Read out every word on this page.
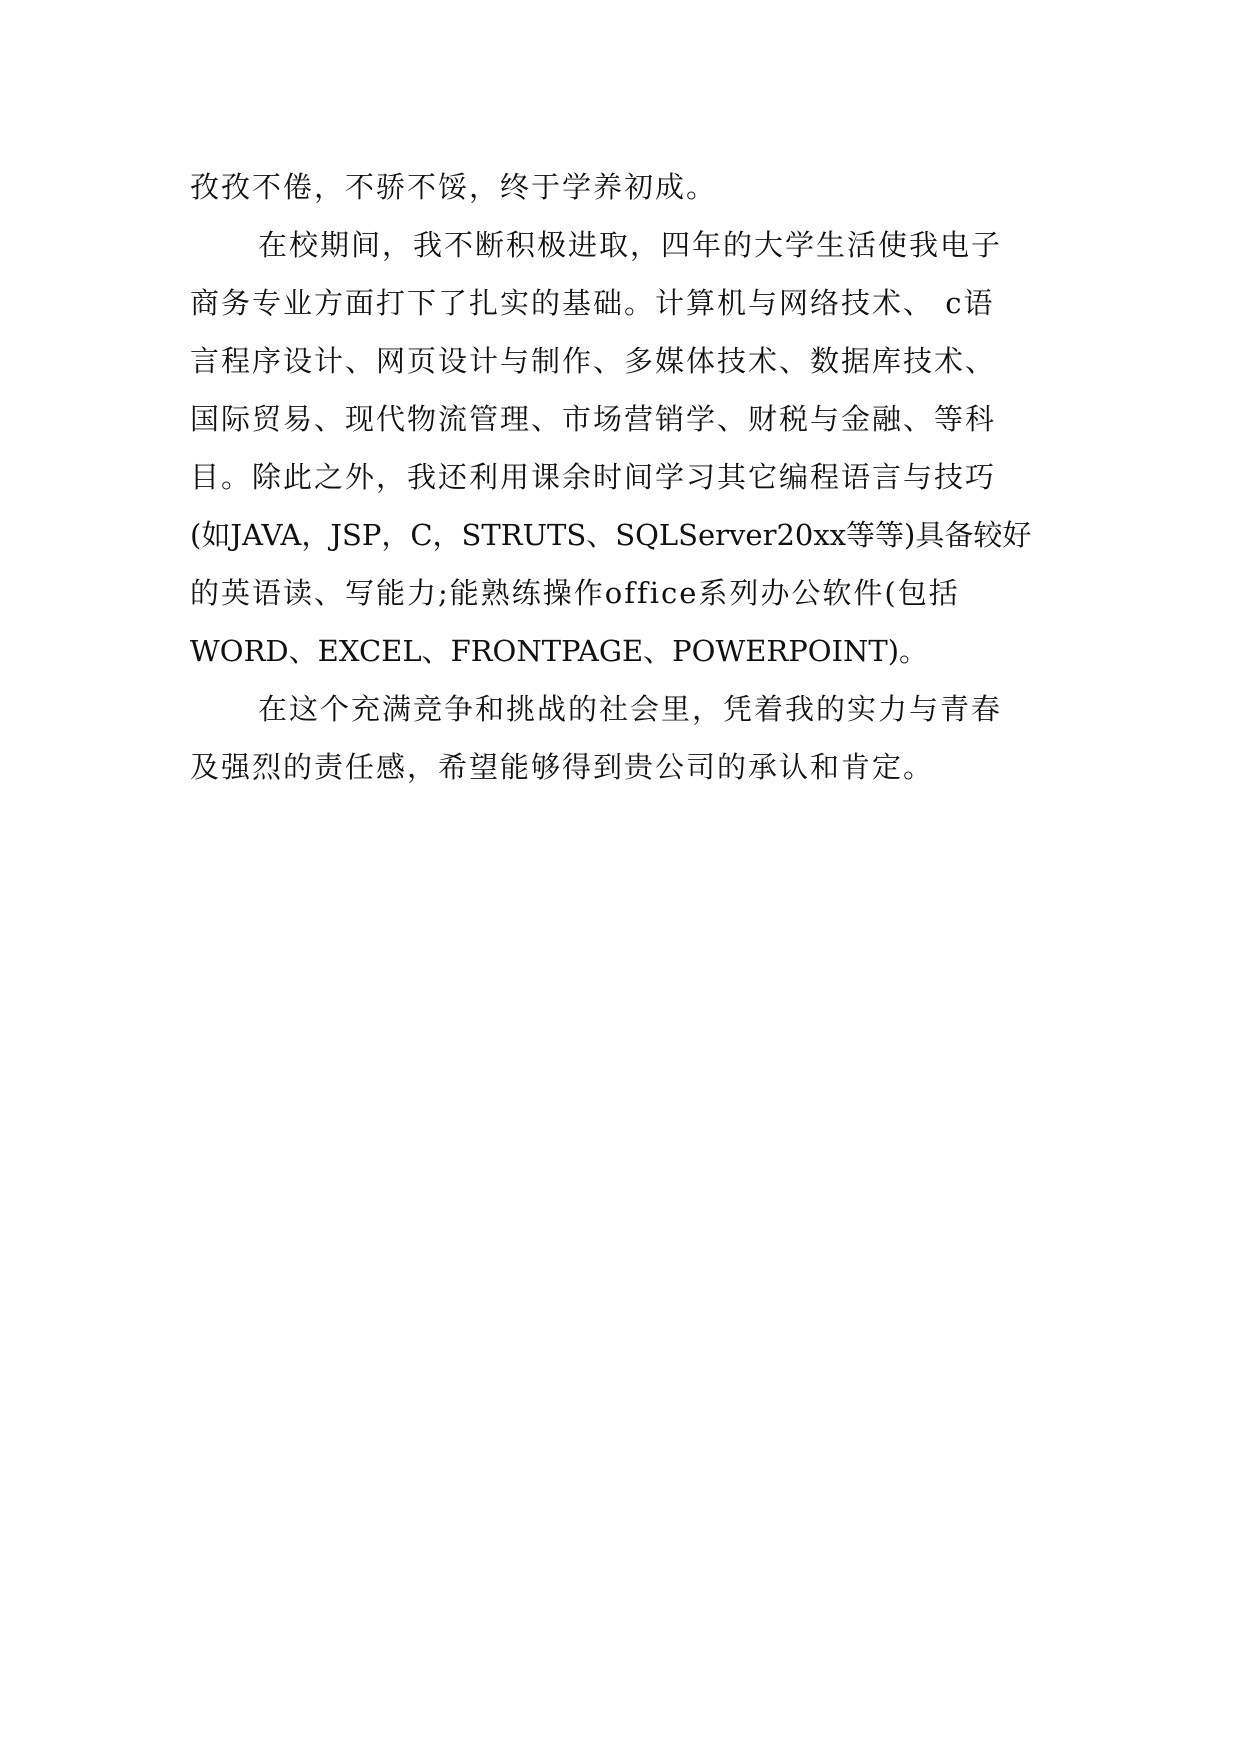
孜孜不倦，不骄不馁，终于学养初成。
在校期间，我不断积极进取，四年的大学生活使我电子
商务专业方面打下了扎实的基础。计算机与网络技术、 c语
言程序设计、网页设计与制作、多媒体技术、数据库技术、
国际贸易、现代物流管理、市场营销学、财税与金融、等科
目。除此之外，我还利用课余时间学习其它编程语言与技巧
(如JAVA，JSP，C，STRUTS、SQLServer20xx等等)具备较好
的英语读、写能力;能熟练操作office系列办公软件(包括
WORD、EXCEL、FRONTPAGE、POWERPOINT)。
在这个充满竞争和挑战的社会里，凭着我的实力与青春
及强烈的责任感，希望能够得到贵公司的承认和肯定。
